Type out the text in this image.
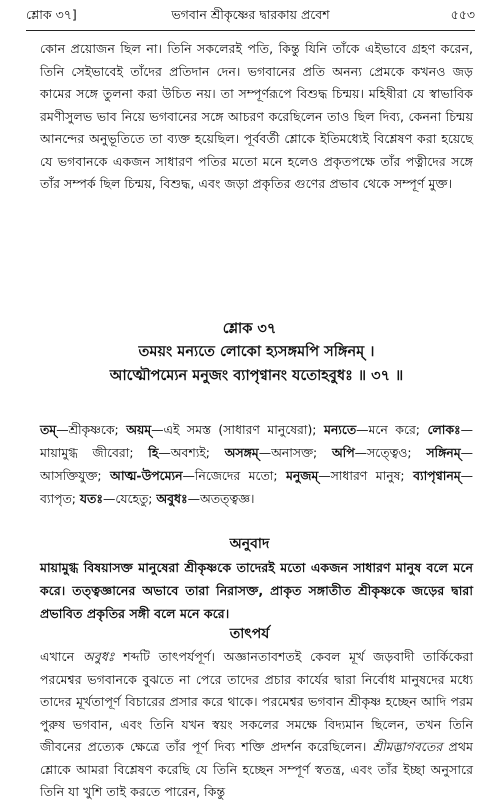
শ্লোক ৩৭]	ভগবান শ্রীকৃষ্ণের দ্বারকায় প্রবেশ	৫৫৩
কোন প্রয়োজন ছিল না। তিনি সকলেরই পতি, কিন্তু যিনি তাঁকে এইভাবে গ্রহণ করেন, তিনি সেইভাবেই তাঁদের প্রতিদান দেন। ভগবানের প্রতি অনন্য প্রেমকে কখনও জড় কামের সঙ্গে তুলনা করা উচিত নয়। তা সম্পূর্ণরূপে বিশুদ্ধ চিন্ময়। মহিষীরা যে স্বাভাবিক রমণীসুলভ ভাব নিয়ে ভগবানের সঙ্গে আচরণ করেছিলেন তাও ছিল দিব্য, কেননা চিন্ময় আনন্দের অনুভূতিতে তা ব্যক্ত হয়েছিল। পূর্ববর্তী শ্লোকে ইতিমধ্যেই বিশ্লেষণ করা হয়েছে যে ভগবানকে একজন সাধারণ পতির মতো মনে হলেও প্রকৃতপক্ষে তাঁর পত্নীদের সঙ্গে তাঁর সম্পর্ক ছিল চিন্ময়, বিশুদ্ধ, এবং জড়া প্রকৃতির গুণের প্রভাব থেকে সম্পূর্ণ মুক্ত।
শ্লোক ৩৭
তময়ং মন্যতে লোকো হ্যসঙ্গমপি সঙ্গিনম্ ।
আত্মৌপম্যেন মনুজং ব্যাপৃণ্বানং যতোহবুধঃ ॥ ৩৭ ॥
তম্—শ্রীকৃষ্ণকে; অয়ম্—এই সমস্ত (সাধারণ মানুষেরা); মন্যতে—মনে করে; লোকঃ—মায়ামুগ্ধ জীবেরা; হি—অবশ্যই; অসঙ্গম্—অনাসক্ত; অপি—সত্ত্বেও; সঙ্গিনম্—আসক্তিযুক্ত; আত্ম-উপম্যেন—নিজেদের মতো; মনুজম্—সাধারণ মানুষ; ব্যাপৃণ্বানম্—ব্যাপৃত; যতঃ—যেহেতু; অবুধঃ—অতত্ত্বজ্ঞ।
অনুবাদ
মায়ামুগ্ধ বিষয়াসক্ত মানুষেরা শ্রীকৃষ্ণকে তাদেরই মতো একজন সাধারণ মানুষ বলে মনে করে। তত্ত্বজ্ঞানের অভাবে তারা নিরাসক্ত, প্রাকৃত সঙ্গাতীত শ্রীকৃষ্ণকে জড়ের দ্বারা প্রভাবিত প্রকৃতির সঙ্গী বলে মনে করে।
তাৎপর্য
এখানে অবুধঃ শব্দটি তাৎপর্যপূর্ণ। অজ্ঞানতাবশতই কেবল মূর্খ জড়বাদী তার্কিকেরা পরমেশ্বর ভগবানকে বুঝতে না পেরে তাদের প্রচার কার্যের দ্বারা নির্বোধ মানুষদের মধ্যে তাদের মূর্খতাপূর্ণ বিচারের প্রসার করে থাকে। পরমেশ্বর ভগবান শ্রীকৃষ্ণ হচ্ছেন আদি পরম পুরুষ ভগবান, এবং তিনি যখন স্বয়ং সকলের সমক্ষে বিদ্যমান ছিলেন, তখন তিনি জীবনের প্রত্যেক ক্ষেত্রে তাঁর পূর্ণ দিব্য শক্তি প্রদর্শন করেছিলেন। শ্রীমদ্ভাগবতের প্রথম শ্লোকে আমরা বিশ্লেষণ করেছি যে তিনি হচ্ছেন সম্পূর্ণ স্বতন্ত্র, এবং তাঁর ইচ্ছা অনুসারে তিনি যা খুশি তাই করতে পারেন, কিন্তু
